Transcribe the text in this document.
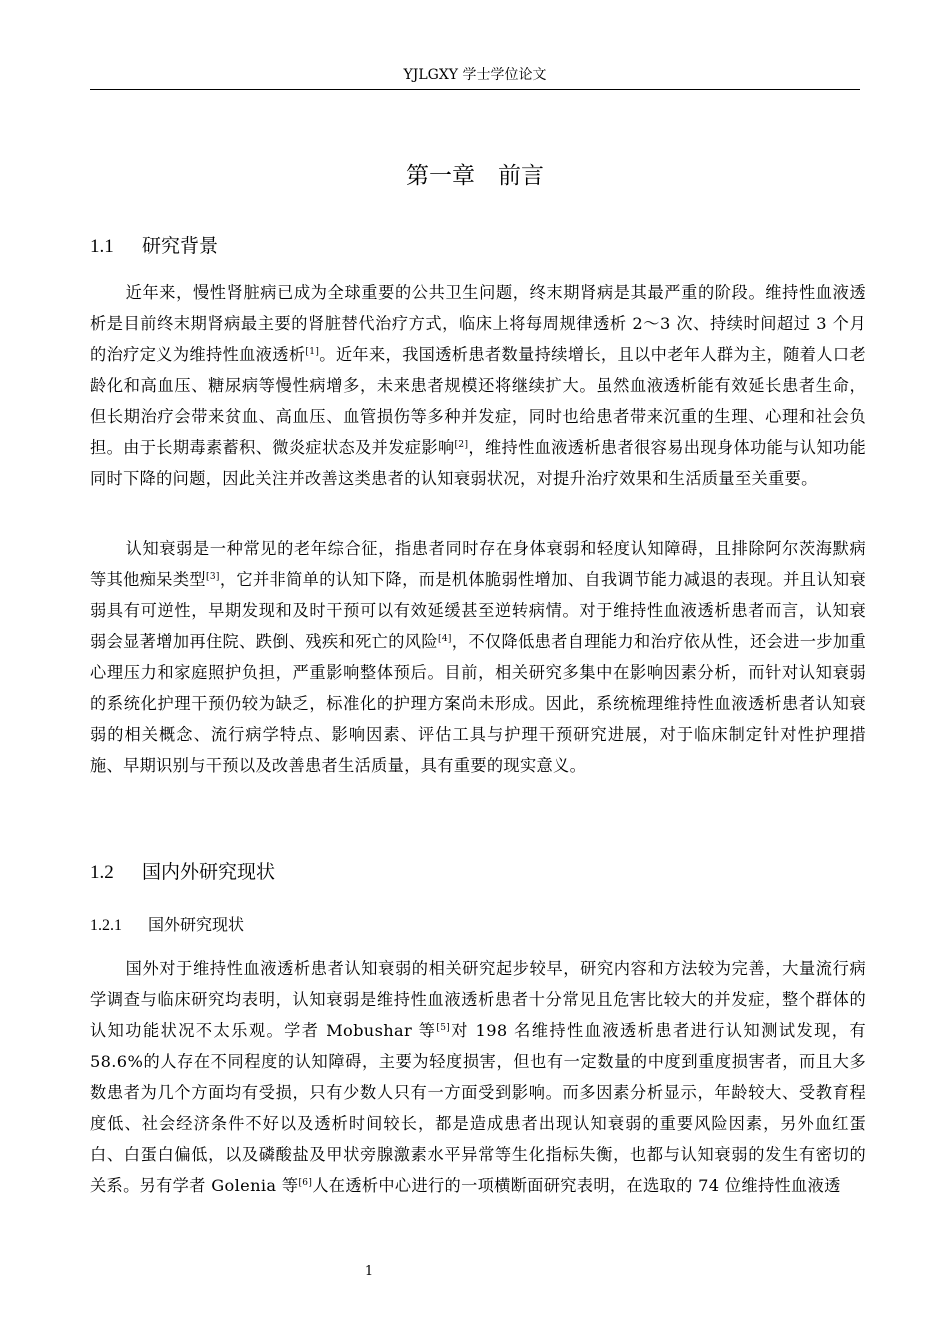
YJLGXY 学士学位论文
第一章　前言
1.1 研究背景

近年来，慢性肾脏病已成为全球重要的公共卫生问题，终末期肾病是其最严重的阶段。维持性血液透析是目前终末期肾病最主要的肾脏替代治疗方式，临床上将每周规律透析 2～3 次、持续时间超过 3 个月的治疗定义为维持性血液透析[1]。近年来，我国透析患者数量持续增长，且以中老年人群为主，随着人口老龄化和高血压、糖尿病等慢性病增多，未来患者规模还将继续扩大。虽然血液透析能有效延长患者生命，但长期治疗会带来贫血、高血压、血管损伤等多种并发症，同时也给患者带来沉重的生理、心理和社会负担。由于长期毒素蓄积、微炎症状态及并发症影响[2]，维持性血液透析患者很容易出现身体功能与认知功能同时下降的问题，因此关注并改善这类患者的认知衰弱状况，对提升治疗效果和生活质量至关重要。

认知衰弱是一种常见的老年综合征，指患者同时存在身体衰弱和轻度认知障碍，且排除阿尔茨海默病等其他痴呆类型[3]，它并非简单的认知下降，而是机体脆弱性增加、自我调节能力减退的表现。并且认知衰弱具有可逆性，早期发现和及时干预可以有效延缓甚至逆转病情。对于维持性血液透析患者而言，认知衰弱会显著增加再住院、跌倒、残疾和死亡的风险[4]，不仅降低患者自理能力和治疗依从性，还会进一步加重心理压力和家庭照护负担，严重影响整体预后。目前，相关研究多集中在影响因素分析，而针对认知衰弱的系统化护理干预仍较为缺乏，标准化的护理方案尚未形成。因此，系统梳理维持性血液透析患者认知衰弱的相关概念、流行病学特点、影响因素、评估工具与护理干预研究进展，对于临床制定针对性护理措施、早期识别与干预以及改善患者生活质量，具有重要的现实意义。

1.2 国内外研究现状
1.2.1 国外研究现状

国外对于维持性血液透析患者认知衰弱的相关研究起步较早，研究内容和方法较为完善，大量流行病学调查与临床研究均表明，认知衰弱是维持性血液透析患者十分常见且危害比较大的并发症，整个群体的认知功能状况不太乐观。学者 Mobushar 等[5]对 198 名维持性血液透析患者进行认知测试发现，有 58.6%的人存在不同程度的认知障碍，主要为轻度损害，但也有一定数量的中度到重度损害者，而且大多数患者为几个方面均有受损，只有少数人只有一方面受到影响。而多因素分析显示，年龄较大、受教育程度低、社会经济条件不好以及透析时间较长，都是造成患者出现认知衰弱的重要风险因素，另外血红蛋白、白蛋白偏低，以及磷酸盐及甲状旁腺激素水平异常等生化指标失衡，也都与认知衰弱的发生有密切的关系。另有学者 Golenia 等[6]人在透析中心进行的一项横断面研究表明，在选取的 74 位维持性血液透

1
